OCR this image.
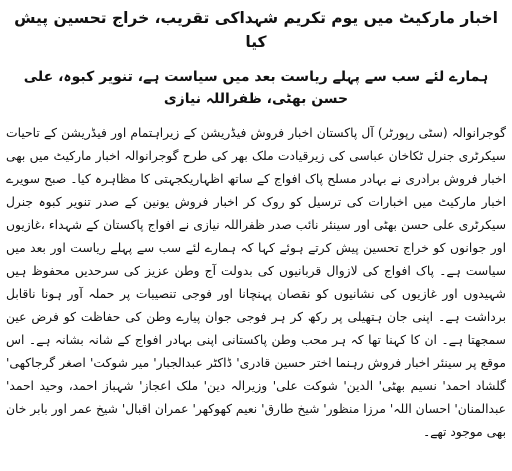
اخبار مارکیٹ میں یوم تکریم شہداکی تقریب، خراج تحسین پیش کیا
ہمارے لئے سب سے پہلے ریاست بعد میں سیاست ہے، تنویر کبوہ، علی حسن بھٹی، ظفراللہ نیازی

گوجرانوالہ (سٹی رپورٹر) آل پاکستان اخبار فروش فیڈریشن کے زیراہتمام اور فیڈریشن کے تاحیات سیکرٹری جنرل ٹکاخان عباسی کی زیرقیادت ملک بھر کی طرح گوجرانوالہ اخبار مارکیٹ میں بھی اخبار فروش برادری نے بہادر مسلح پاک افواج کے ساتھ اظہاریکجہتی کا مظاہرہ کیا۔ صبح سویرے اخبار مارکیٹ میں اخبارات کی ترسیل کو روک کر اخبار فروش یونین کے صدر تنویر کبوہ جنرل سیکرٹری علی حسن بھٹی اور سینئر نائب صدر ظفراللہ نیازی نے افواج پاکستان کے شہداء ،غازیوں اور جوانوں کو خراج تحسین پیش کرتے ہوئے کہا کہ ہمارے لئے سب سے پہلے ریاست اور بعد میں سیاست ہے۔ پاک افواج کی لازوال قربانیوں کی بدولت آج وطن عزیز کی سرحدیں محفوظ ہیں شہیدوں اور غازیوں کی نشانیوں کو نقصان پہنچانا اور فوجی تنصیبات پر حملہ آور ہونا ناقابل برداشت ہے۔ اپنی جان ہتھیلی پر رکھ کر ہر فوجی جوان پیارے وطن کی حفاظت کو فرض عین سمجھتا ہے۔ ان کا کہنا تھا کہ ہر محب وطن پاکستانی اپنی بہادر افواج کے شانہ بشانہ ہے۔ اس موقع پر سینئر اخبار فروش رہنما اختر حسین قادری' ڈاکٹر عبدالجبار' میر شوکت' اصغر گرجاکھی' گلشاد احمد' نسیم بھٹی' الدین' شوکت علی' وزیرالہ دین' ملک اعجاز' شہباز احمد، وحید احمد' عبدالمنان' احسان اللہ' مرزا منظور' شیخ طارق' نعیم کھوکھر' عمران اقبال' شیخ عمر اور بابر خان بھی موجود تھے۔
